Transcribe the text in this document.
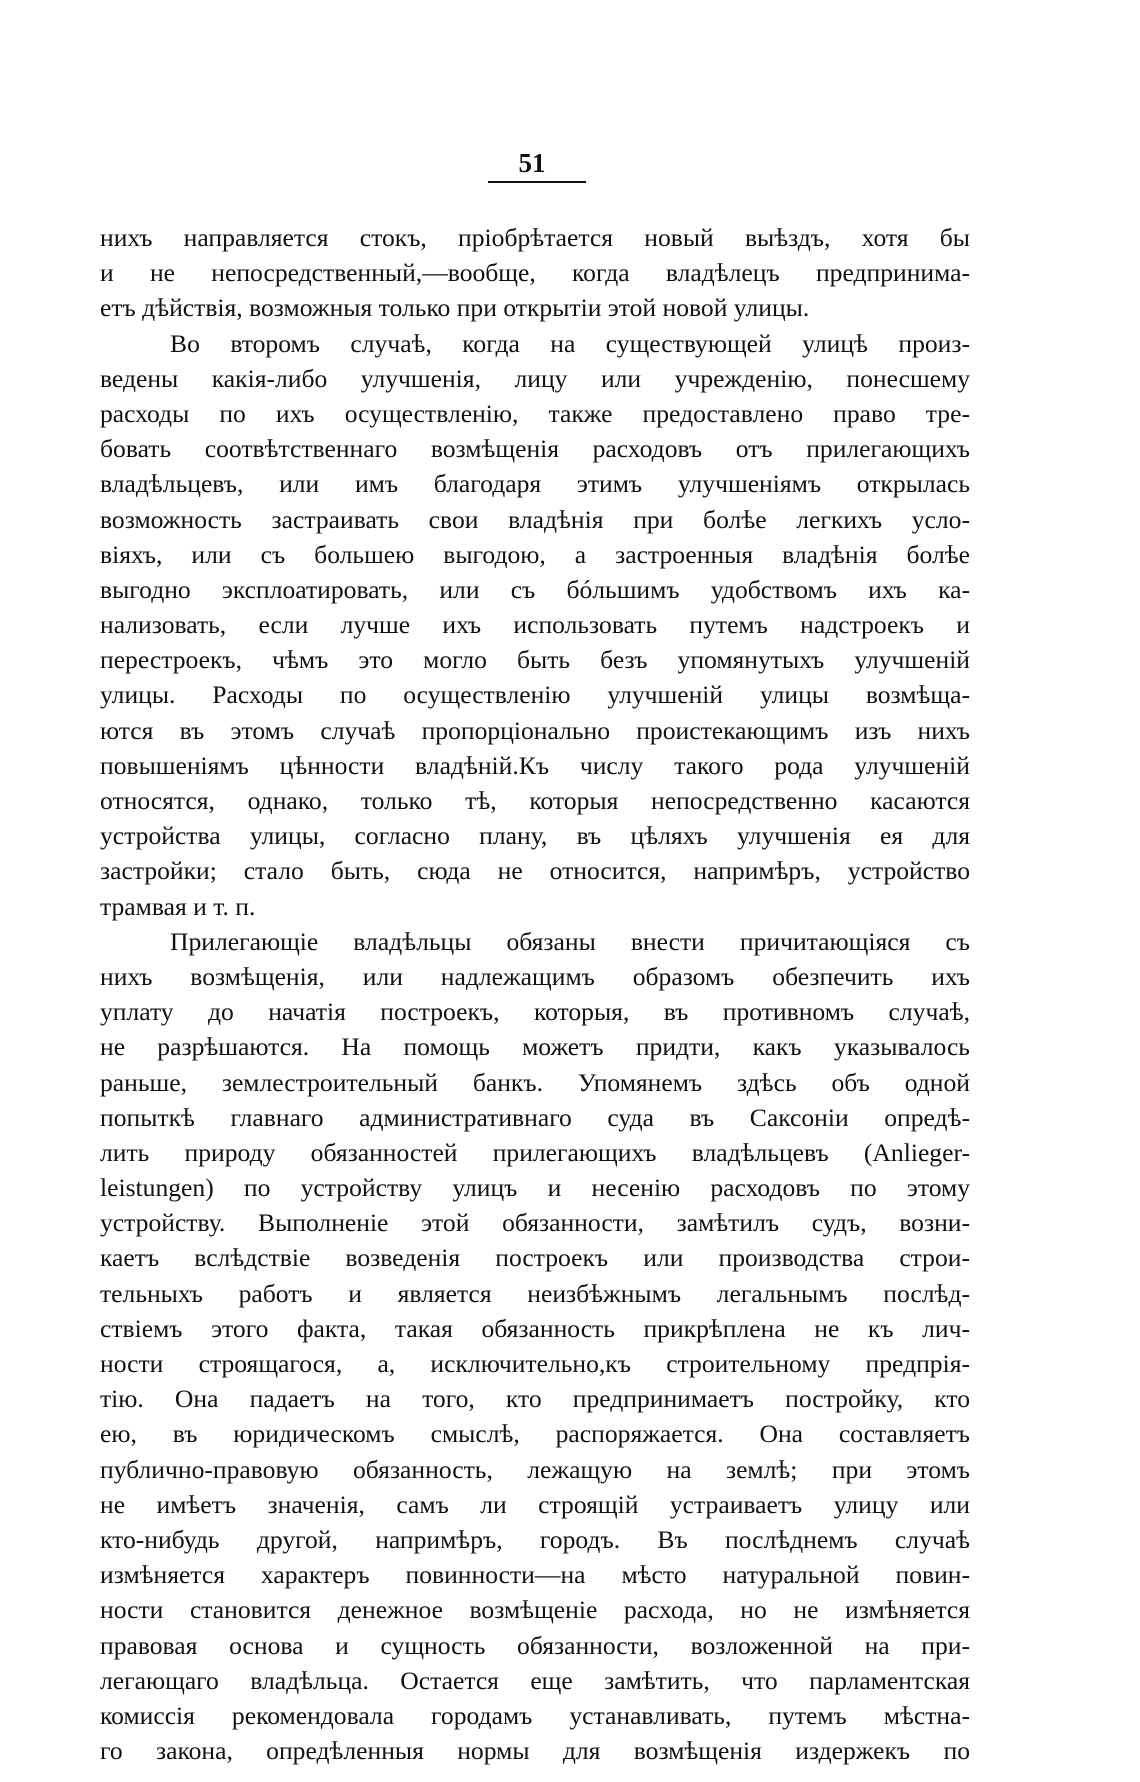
51
нихъ направляется стокъ, пріобрѣтается новый выѣздъ, хотя бы
и не непосредственный,—вообще, когда владѣлецъ предпринима-
етъ дѣйствія, возможныя только при открытіи этой новой улицы.
Во второмъ случаѣ, когда на существующей улицѣ произ-
ведены какія-либо улучшенія, лицу или учрежденію, понесшему
расходы по ихъ осуществленію, также предоставлено право тре-
бовать соотвѣтственнаго возмѣщенія расходовъ отъ прилегающихъ
владѣльцевъ, или имъ благодаря этимъ улучшеніямъ открылась
возможность застраивать свои владѣнія при болѣе легкихъ усло-
віяхъ, или съ большею выгодою, а застроенныя владѣнія болѣе
выгодно эксплоатировать, или съ бóльшимъ удобствомъ ихъ ка-
нализовать, если лучше ихъ использовать путемъ надстроекъ и
перестроекъ, чѣмъ это могло быть безъ упомянутыхъ улучшеній
улицы. Расходы по осуществленію улучшеній улицы возмѣща-
ются въ этомъ случаѣ пропорціонально проистекающимъ изъ нихъ
повышеніямъ цѣнности владѣній.Къ числу такого рода улучшеній
относятся, однако, только тѣ, которыя непосредственно касаются
устройства улицы, согласно плану, въ цѣляхъ улучшенія ея для
застройки; стало быть, сюда не относится, напримѣръ, устройство
трамвая и т. п.
Прилегающіе владѣльцы обязаны внести причитающіяся съ
нихъ возмѣщенія, или надлежащимъ образомъ обезпечить ихъ
уплату до начатія построекъ, которыя, въ противномъ случаѣ,
не разрѣшаются. На помощь можетъ придти, какъ указывалось
раньше, землестроительный банкъ. Упомянемъ здѣсь объ одной
попыткѣ главнаго административнаго суда въ Саксоніи опредѣ-
лить природу обязанностей прилегающихъ владѣльцевъ (Anlieger-
leistungen) по устройству улицъ и несенію расходовъ по этому
устройству. Выполненіе этой обязанности, замѣтилъ судъ, возни-
каетъ вслѣдствіе возведенія построекъ или производства строи-
тельныхъ работъ и является неизбѣжнымъ легальнымъ послѣд-
ствіемъ этого факта, такая обязанность прикрѣплена не къ лич-
ности строящагося, а, исключительно,къ строительному предпрія-
тію. Она падаетъ на того, кто предпринимаетъ постройку, кто
ею, въ юридическомъ смыслѣ, распоряжается. Она составляетъ
публично-правовую обязанность, лежащую на землѣ; при этомъ
не имѣетъ значенія, самъ ли строящій устраиваетъ улицу или
кто-нибудь другой, напримѣръ, городъ. Въ послѣднемъ случаѣ
измѣняется характеръ повинности—на мѣсто натуральной повин-
ности становится денежное возмѣщеніе расхода, но не измѣняется
правовая основа и сущность обязанности, возложенной на при-
легающаго владѣльца. Остается еще замѣтить, что парламентская
комиссія рекомендовала городамъ устанавливать, путемъ мѣстна-
го закона, опредѣленныя нормы для возмѣщенія издержекъ по
